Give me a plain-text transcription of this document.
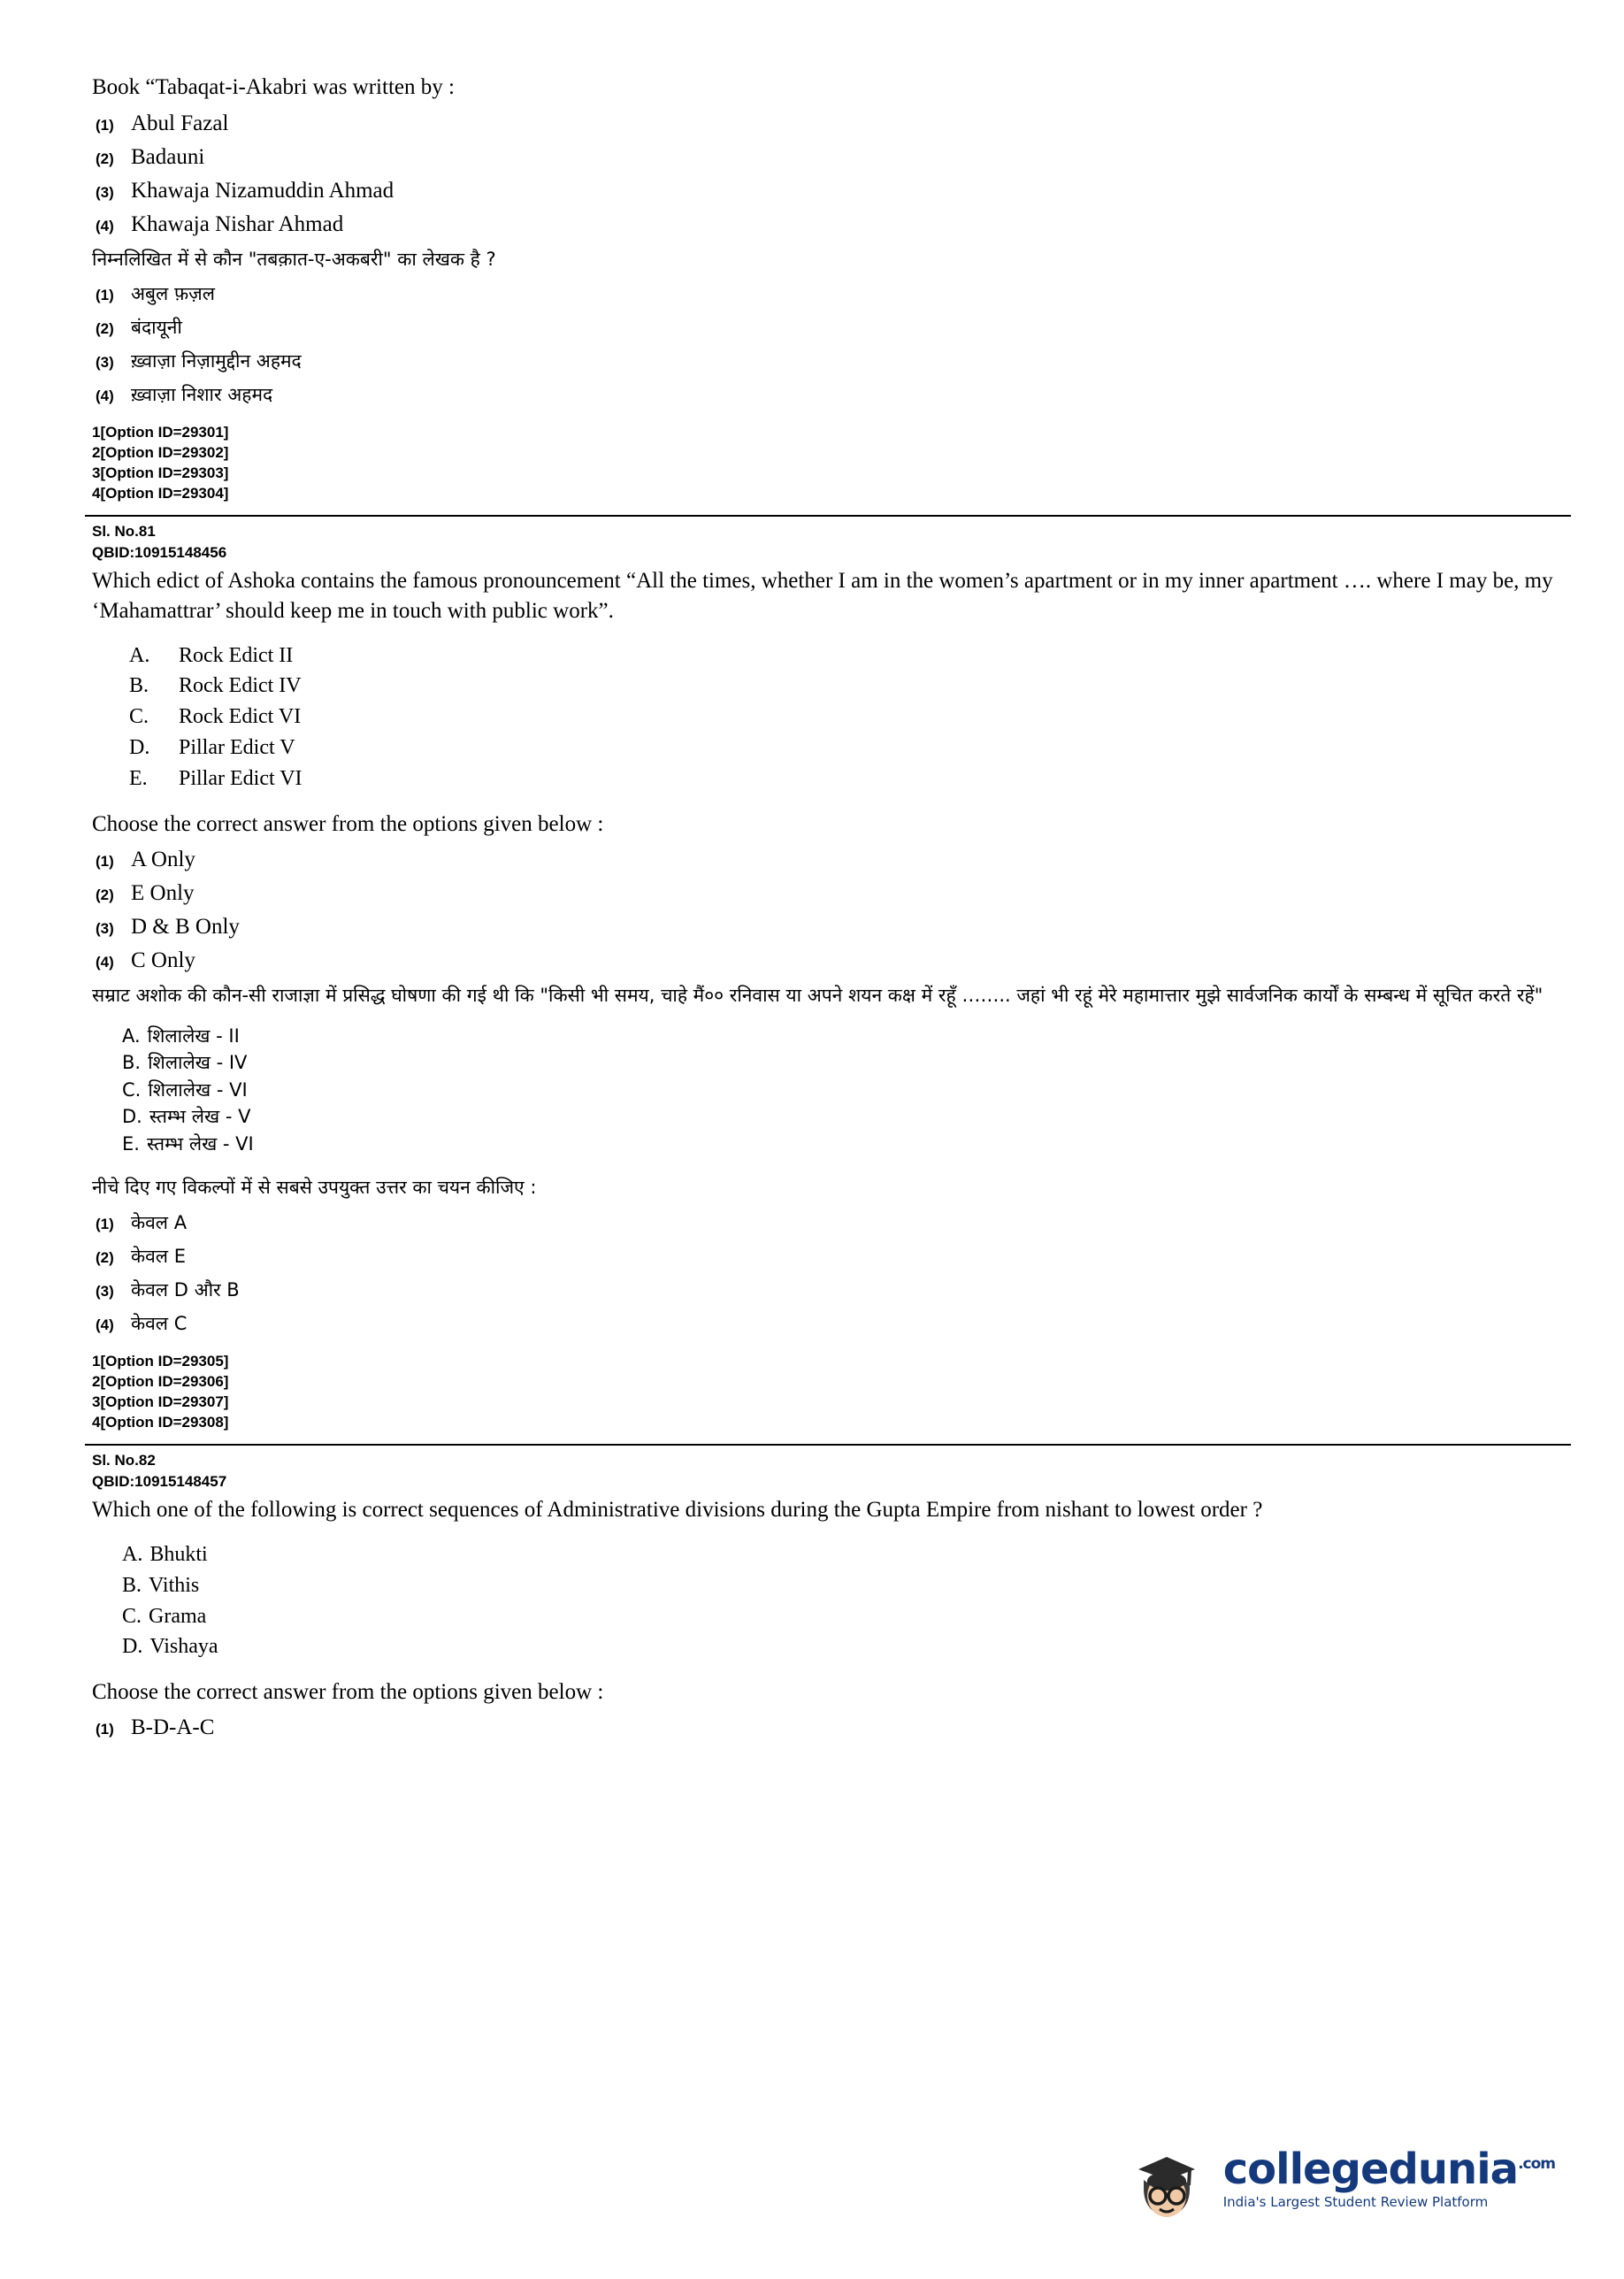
Book “Tabaqat-i-Akabri was written by :
(1) Abul Fazal
(2) Badauni
(3) Khawaja Nizamuddin Ahmad
(4) Khawaja Nishar Ahmad
निम्नलिखित में से कौन "तबक़ात-ए-अकबरी" का लेखक है ?
(1) अबुल फ़ज़ल
(2) बंदायूनी
(3) ख़्वाज़ा निज़ामुद्दीन अहमद
(4) ख़्वाज़ा निशार अहमद
1[Option ID=29301]
2[Option ID=29302]
3[Option ID=29303]
4[Option ID=29304]
Sl. No.81
QBID:10915148456
Which edict of Ashoka contains the famous pronouncement “All the times, whether I am in the women’s apartment or in my inner apartment …. where I may be, my ‘Mahamattrar’ should keep me in touch with public work”.
A.	Rock Edict II
B.	Rock Edict IV
C.	Rock Edict VI
D.	Pillar Edict V
E.	Pillar Edict VI
Choose the correct answer from the options given below :
(1) A Only
(2) E Only
(3) D & B Only
(4) C Only
सम्राट अशोक की कौन-सी राजाज्ञा में प्रसिद्ध घोषणा की गई थी कि "किसी भी समय, चाहे मैं०० रनिवास या अपने शयन कक्ष में रहूँ …….. जहां भी रहूं मेरे महामात्तार मुझे सार्वजनिक कार्यों के सम्बन्ध में सूचित करते रहें"
A. शिलालेख - II
B. शिलालेख - IV
C. शिलालेख - VI
D. स्तम्भ लेख - V
E. स्तम्भ लेख - VI
नीचे दिए गए विकल्पों में से सबसे उपयुक्त उत्तर का चयन कीजिए :
(1) केवल A
(2) केवल E
(3) केवल D और B
(4) केवल C
1[Option ID=29305]
2[Option ID=29306]
3[Option ID=29307]
4[Option ID=29308]
Sl. No.82
QBID:10915148457
Which one of the following is correct sequences of Administrative divisions during the Gupta Empire from nishant to lowest order ?
A. Bhukti
B. Vithis
C. Grama
D. Vishaya
Choose the correct answer from the options given below :
(1) B-D-A-C
collegedunia$^{.com}$
India's Largest Student Review Platform
